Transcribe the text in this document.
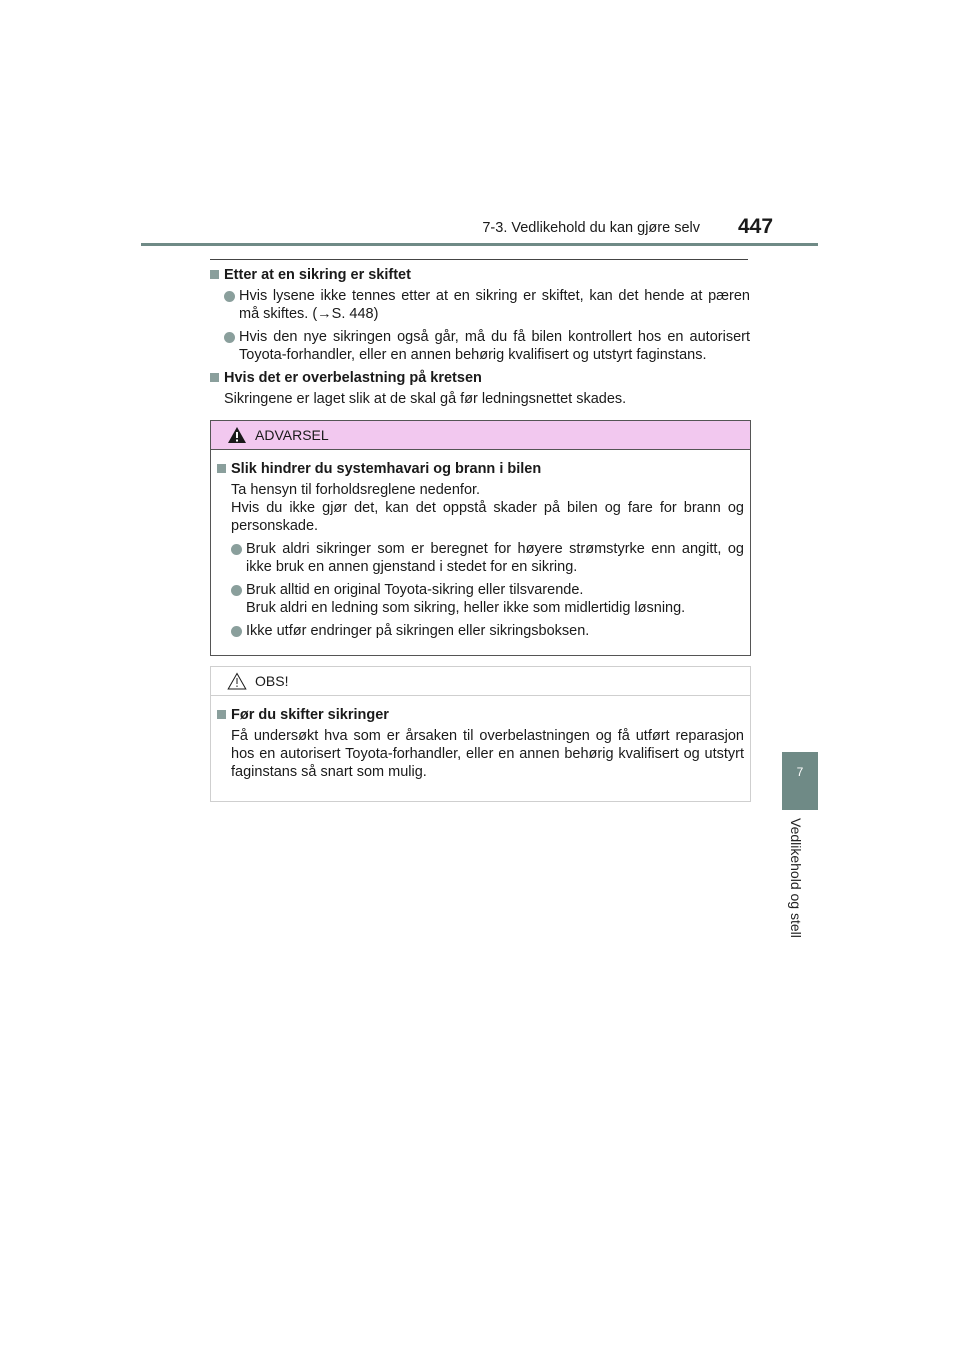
7-3. Vedlikehold du kan gjøre selv 447
7
Vedlikehold og stell
Etter at en sikring er skiftet
Hvis lysene ikke tennes etter at en sikring er skiftet, kan det hende at pæren må skiftes. (→S. 448)
Hvis den nye sikringen også går, må du få bilen kontrollert hos en autorisert Toyota-forhandler, eller en annen behørig kvalifisert og utstyrt faginstans.
Hvis det er overbelastning på kretsen
Sikringene er laget slik at de skal gå før ledningsnettet skades.
ADVARSEL
Slik hindrer du systemhavari og brann i bilen
Ta hensyn til forholdsreglene nedenfor.
Hvis du ikke gjør det, kan det oppstå skader på bilen og fare for brann og personskade.
Bruk aldri sikringer som er beregnet for høyere strømstyrke enn angitt, og ikke bruk en annen gjenstand i stedet for en sikring.
Bruk alltid en original Toyota-sikring eller tilsvarende.
Bruk aldri en ledning som sikring, heller ikke som midlertidig løsning.
Ikke utfør endringer på sikringen eller sikringsboksen.
OBS!
Før du skifter sikringer
Få undersøkt hva som er årsaken til overbelastningen og få utført reparasjon hos en autorisert Toyota-forhandler, eller en annen behørig kvalifisert og utstyrt faginstans så snart som mulig.
